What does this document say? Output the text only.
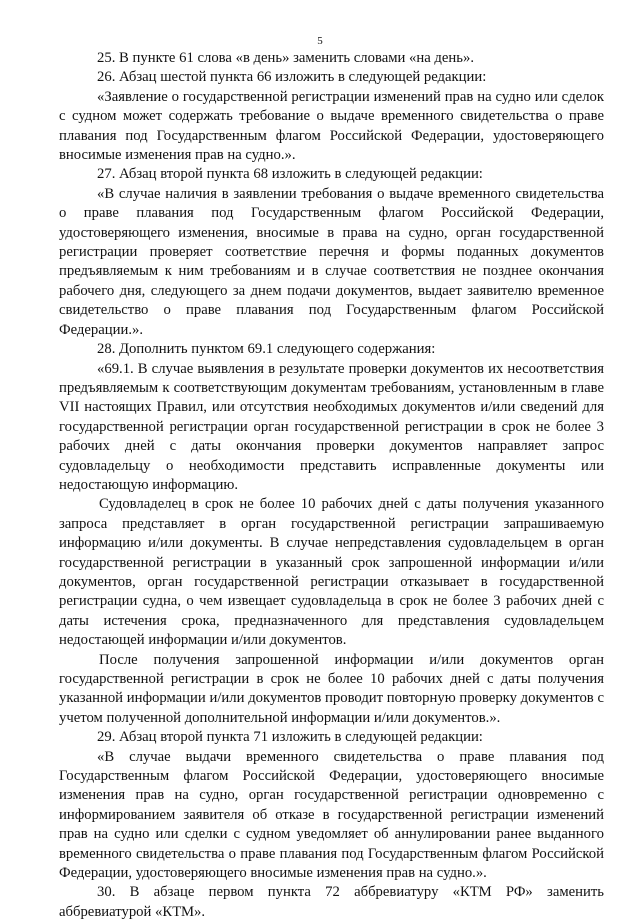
5

25. В пункте 61 слова «в день» заменить словами «на день».

26. Абзац шестой пункта 66 изложить в следующей редакции:

«Заявление о государственной регистрации изменений прав на судно или сделок с судном может содержать требование о выдаче временного свидетельства о праве плавания под Государственным флагом Российской Федерации, удостоверяющего вносимые изменения прав на судно.».

27. Абзац второй пункта 68 изложить в следующей редакции:

«В случае наличия в заявлении требования о выдаче временного свидетельства о праве плавания под Государственным флагом Российской Федерации, удостоверяющего изменения, вносимые в права на судно, орган государственной регистрации проверяет соответствие перечня и формы поданных документов предъявляемым к ним требованиям и в случае соответствия не позднее окончания рабочего дня, следующего за днем подачи документов, выдает заявителю временное свидетельство о праве плавания под Государственным флагом Российской Федерации.».

28. Дополнить пунктом 69.1 следующего содержания:

«69.1. В случае выявления в результате проверки документов их несоответствия предъявляемым к соответствующим документам требованиям, установленным в главе VII настоящих Правил, или отсутствия необходимых документов и/или сведений для государственной регистрации орган государственной регистрации в срок не более 3 рабочих дней с даты окончания проверки документов направляет запрос судовладельцу о необходимости представить исправленные документы или недостающую информацию.

Судовладелец в срок не более 10 рабочих дней с даты получения указанного запроса представляет в орган государственной регистрации запрашиваемую информацию и/или документы. В случае непредставления судовладельцем в орган государственной регистрации в указанный срок запрошенной информации и/или документов, орган государственной регистрации отказывает в государственной регистрации судна, о чем извещает судовладельца в срок не более 3 рабочих дней с даты истечения срока, предназначенного для представления судовладельцем недостающей информации и/или документов.

После получения запрошенной информации и/или документов орган государственной регистрации в срок не более 10 рабочих дней с даты получения указанной информации и/или документов проводит повторную проверку документов с учетом полученной дополнительной информации и/или документов.».

29. Абзац второй пункта 71 изложить в следующей редакции:

«В случае выдачи временного свидетельства о праве плавания под Государственным флагом Российской Федерации, удостоверяющего вносимые изменения прав на судно, орган государственной регистрации одновременно с информированием заявителя об отказе в государственной регистрации изменений прав на судно или сделки с судном уведомляет об аннулировании ранее выданного временного свидетельства о праве плавания под Государственным флагом Российской Федерации, удостоверяющего вносимые изменения прав на судно.».

30. В абзаце первом пункта 72 аббревиатуру «КТМ РФ» заменить аббревиатурой «КТМ».
